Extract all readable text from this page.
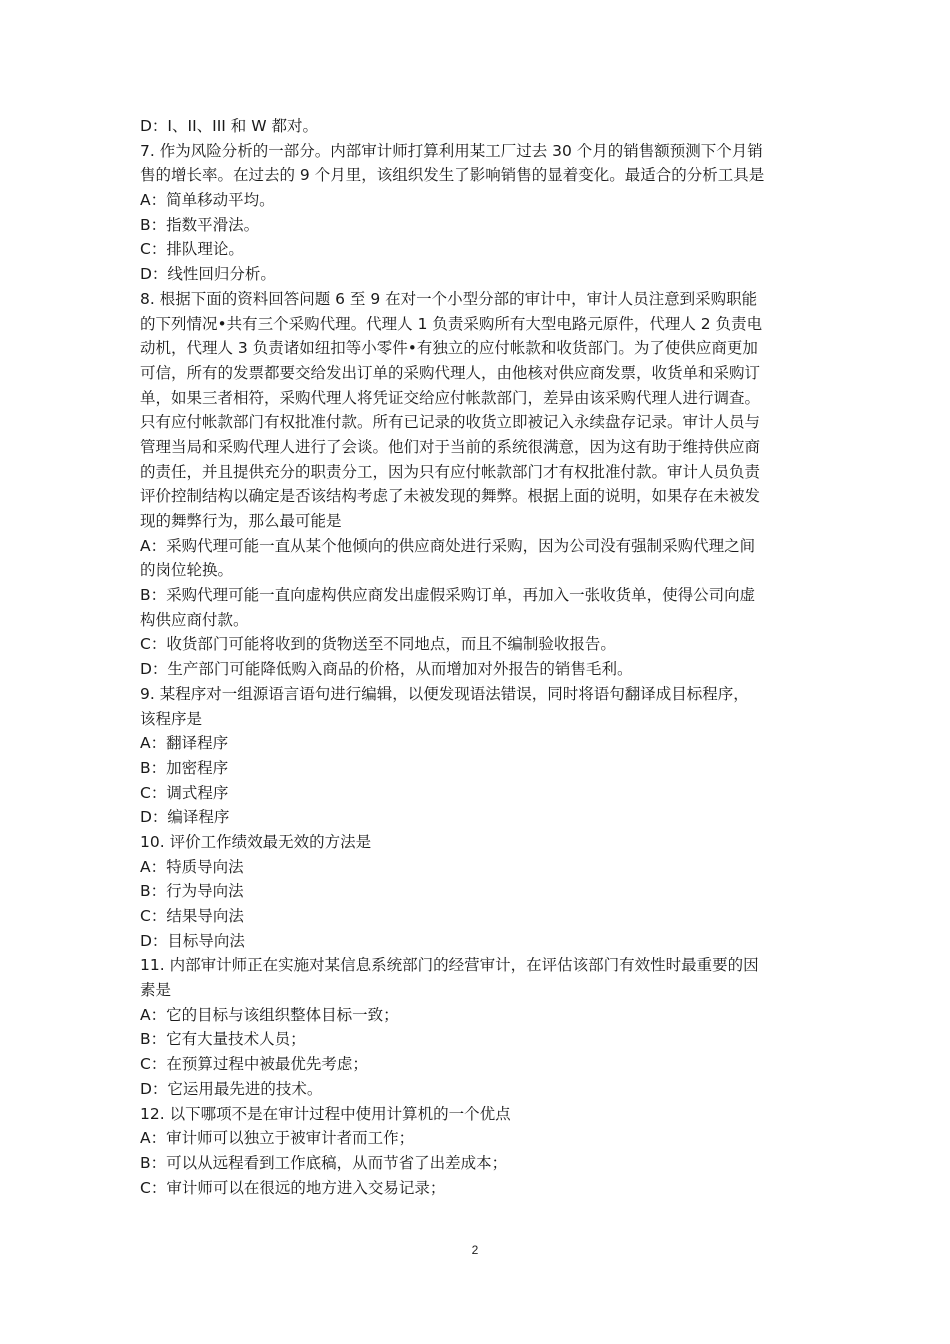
D：I、II、III 和 W 都对。
7. 作为风险分析的一部分。内部审计师打算利用某工厂过去 30 个月的销售额预测下个月销
售的增长率。在过去的 9 个月里，该组织发生了影响销售的显着变化。最适合的分析工具是
A：简单移动平均。
B：指数平滑法。
C：排队理论。
D：线性回归分析。
8. 根据下面的资料回答问题 6 至 9 在对一个小型分部的审计中，审计人员注意到采购职能
的下列情况•共有三个采购代理。代理人 1 负责采购所有大型电路元原件，代理人 2 负责电
动机，代理人 3 负责诸如纽扣等小零件•有独立的应付帐款和收货部门。为了使供应商更加
可信，所有的发票都要交给发出订单的采购代理人，由他核对供应商发票，收货单和采购订
单，如果三者相符，采购代理人将凭证交给应付帐款部门，差异由该采购代理人进行调查。
只有应付帐款部门有权批准付款。所有已记录的收货立即被记入永续盘存记录。审计人员与
管理当局和采购代理人进行了会谈。他们对于当前的系统很满意，因为这有助于维持供应商
的责任，并且提供充分的职责分工，因为只有应付帐款部门才有权批准付款。审计人员负责
评价控制结构以确定是否该结构考虑了未被发现的舞弊。根据上面的说明，如果存在未被发
现的舞弊行为，那么最可能是
A：采购代理可能一直从某个他倾向的供应商处进行采购，因为公司没有强制采购代理之间
的岗位轮换。
B：采购代理可能一直向虚构供应商发出虚假采购订单，再加入一张收货单，使得公司向虚
构供应商付款。
C：收货部门可能将收到的货物送至不同地点，而且不编制验收报告。
D：生产部门可能降低购入商品的价格，从而增加对外报告的销售毛利。
9. 某程序对一组源语言语句进行编辑，以便发现语法错误，同时将语句翻译成目标程序，
该程序是
A：翻译程序
B：加密程序
C：调式程序
D：编译程序
10. 评价工作绩效最无效的方法是
A：特质导向法
B：行为导向法
C：结果导向法
D：目标导向法
11. 内部审计师正在实施对某信息系统部门的经营审计，在评估该部门有效性时最重要的因
素是
A：它的目标与该组织整体目标一致；
B：它有大量技术人员；
C：在预算过程中被最优先考虑；
D：它运用最先进的技术。
12. 以下哪项不是在审计过程中使用计算机的一个优点
A：审计师可以独立于被审计者而工作；
B：可以从远程看到工作底稿，从而节省了出差成本；
C：审计师可以在很远的地方进入交易记录；
2
